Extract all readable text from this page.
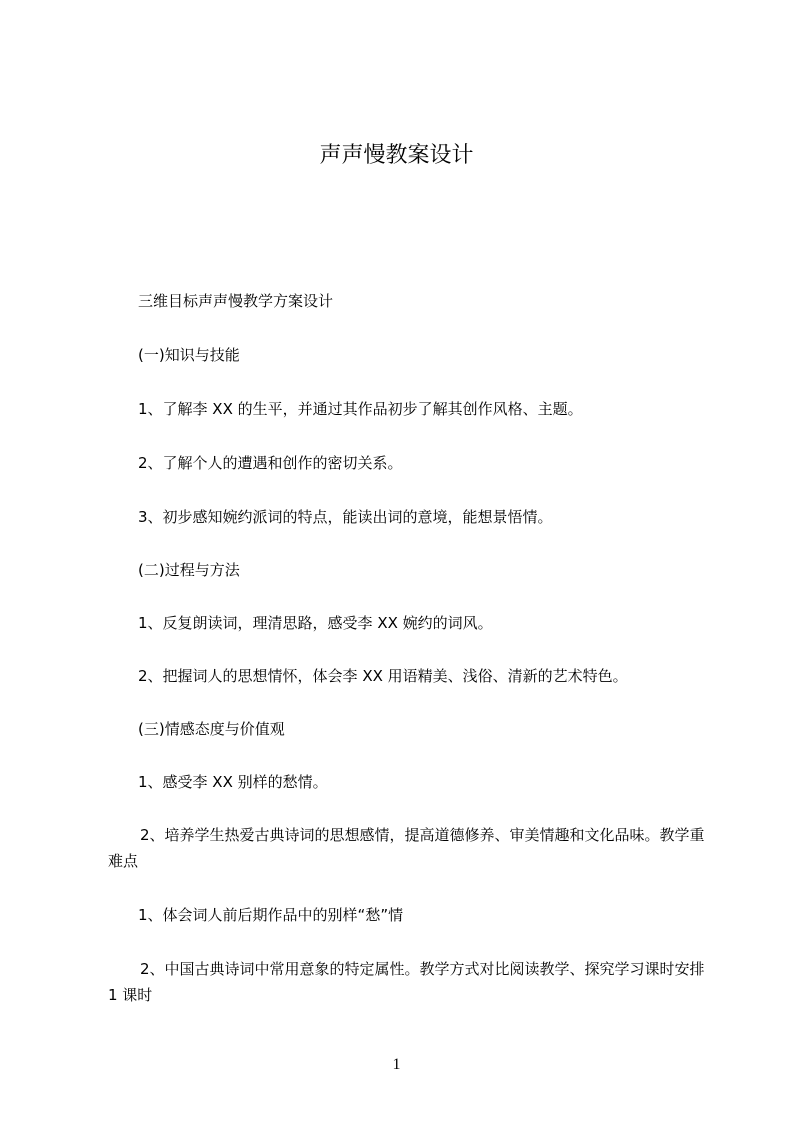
声声慢教案设计

三维目标声声慢教学方案设计

(一)知识与技能

1、了解李 XX 的生平，并通过其作品初步了解其创作风格、主题。

2、了解个人的遭遇和创作的密切关系。

3、初步感知婉约派词的特点，能读出词的意境，能想景悟情。

(二)过程与方法

1、反复朗读词，理清思路，感受李 XX 婉约的词风。

2、把握词人的思想情怀，体会李 XX 用语精美、浅俗、清新的艺术特色。

(三)情感态度与价值观

1、感受李 XX 别样的愁情。

2、培养学生热爱古典诗词的思想感情，提高道德修养、审美情趣和文化品味。教学重难点

1、体会词人前后期作品中的别样“愁”情

2、中国古典诗词中常用意象的特定属性。教学方式对比阅读教学、探究学习课时安排 1 课时

1
